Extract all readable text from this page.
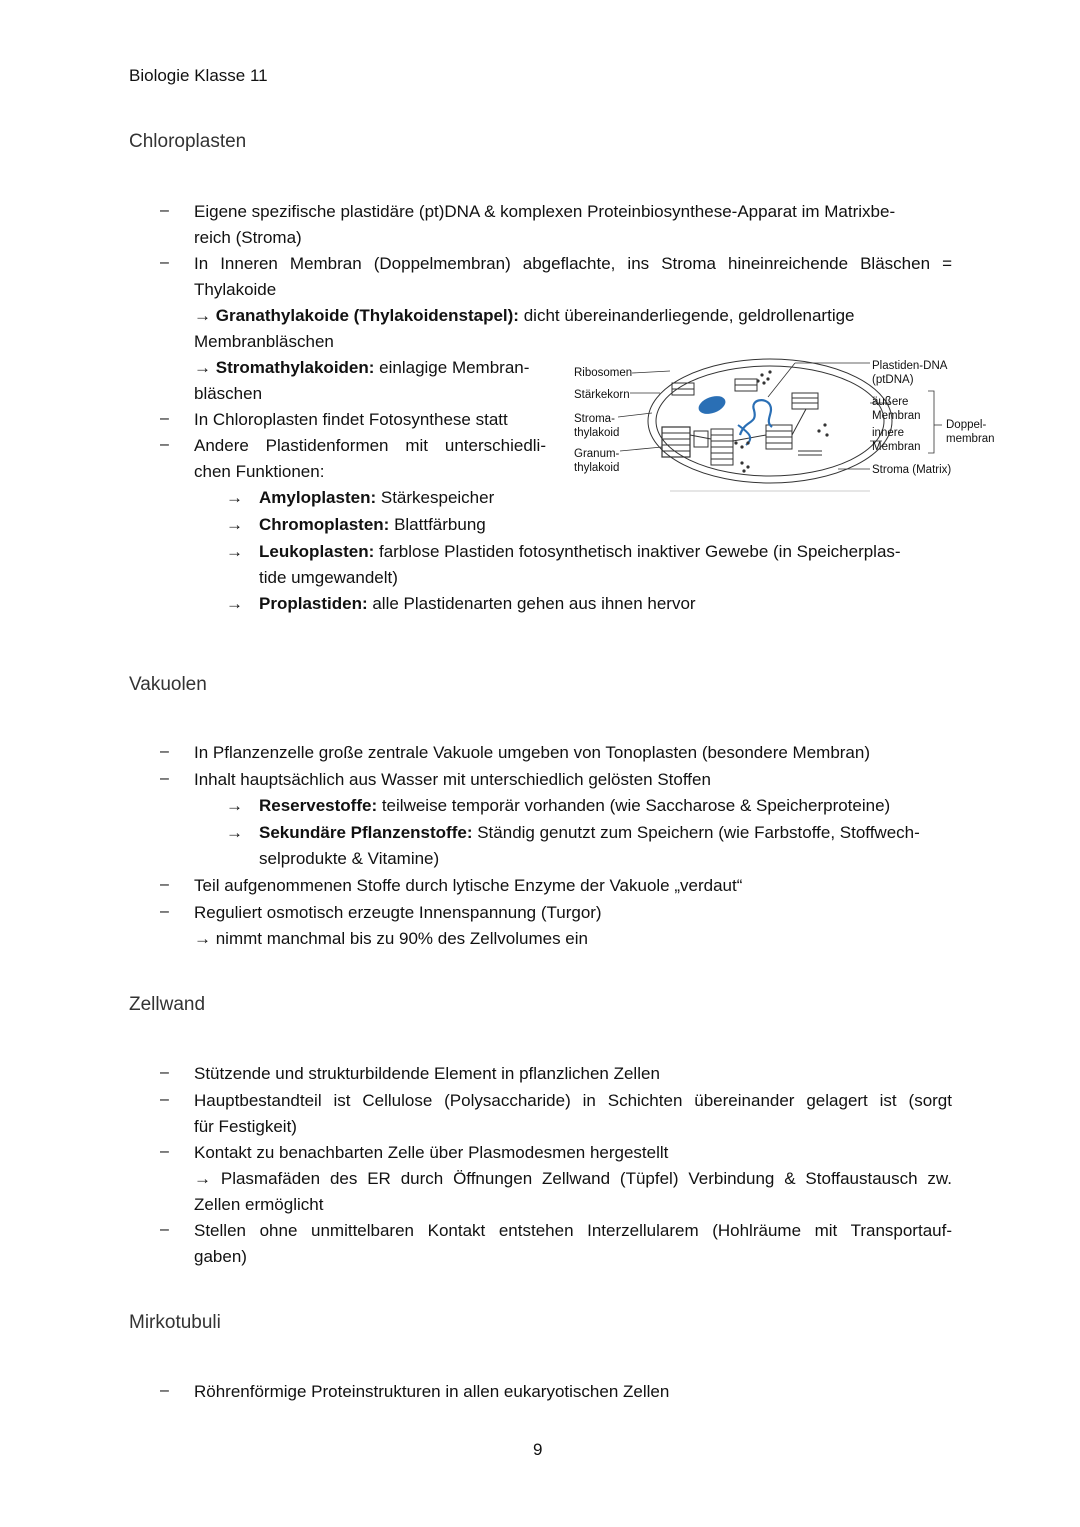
Biologie Klasse 11
Chloroplasten
– Eigene spezifische plastidäre (pt)DNA & komplexen Proteinbiosynthese-Apparat im Matrixbe-
reich (Stroma)
– In Inneren Membran (Doppelmembran) abgeflachte, ins Stroma hineinreichende Bläschen =
Thylakoide
→ Granathylakoide (Thylakoidenstapel): dicht übereinanderliegende, geldrollenartige
Membranbläschen
→ Stromathylakoiden: einlagige Membran-
bläschen
– In Chloroplasten findet Fotosynthese statt
– Andere Plastidenformen mit unterschiedli-
chen Funktionen:
→ Amyloplasten: Stärkespeicher
→ Chromoplasten: Blattfärbung
→ Leukoplasten: farblose Plastiden fotosynthetisch inaktiver Gewebe (in Speicherplas-
tide umgewandelt)
→ Proplastiden: alle Plastidenarten gehen aus ihnen hervor
Ribosomen
Stärkekorn
Stroma-
thylakoid
Granum-
thylakoid
Plastiden-DNA
(ptDNA)
äußere
Membran
innere
Membran
Doppel-
membran
Stroma (Matrix)
Vakuolen
– In Pflanzenzelle große zentrale Vakuole umgeben von Tonoplasten (besondere Membran)
– Inhalt hauptsächlich aus Wasser mit unterschiedlich gelösten Stoffen
→ Reservestoffe: teilweise temporär vorhanden (wie Saccharose & Speicherproteine)
→ Sekundäre Pflanzenstoffe: Ständig genutzt zum Speichern (wie Farbstoffe, Stoffwech-
selprodukte & Vitamine)
– Teil aufgenommenen Stoffe durch lytische Enzyme der Vakuole „verdaut“
– Reguliert osmotisch erzeugte Innenspannung (Turgor)
→ nimmt manchmal bis zu 90% des Zellvolumes ein
Zellwand
– Stützende und strukturbildende Element in pflanzlichen Zellen
– Hauptbestandteil ist Cellulose (Polysaccharide) in Schichten übereinander gelagert ist (sorgt
für Festigkeit)
– Kontakt zu benachbarten Zelle über Plasmodesmen hergestellt
→ Plasmafäden des ER durch Öffnungen Zellwand (Tüpfel) Verbindung & Stoffaustausch zw.
Zellen ermöglicht
– Stellen ohne unmittelbaren Kontakt entstehen Interzellularem (Hohlräume mit Transportauf-
gaben)
Mirkotubuli
– Röhrenförmige Proteinstrukturen in allen eukaryotischen Zellen
9
